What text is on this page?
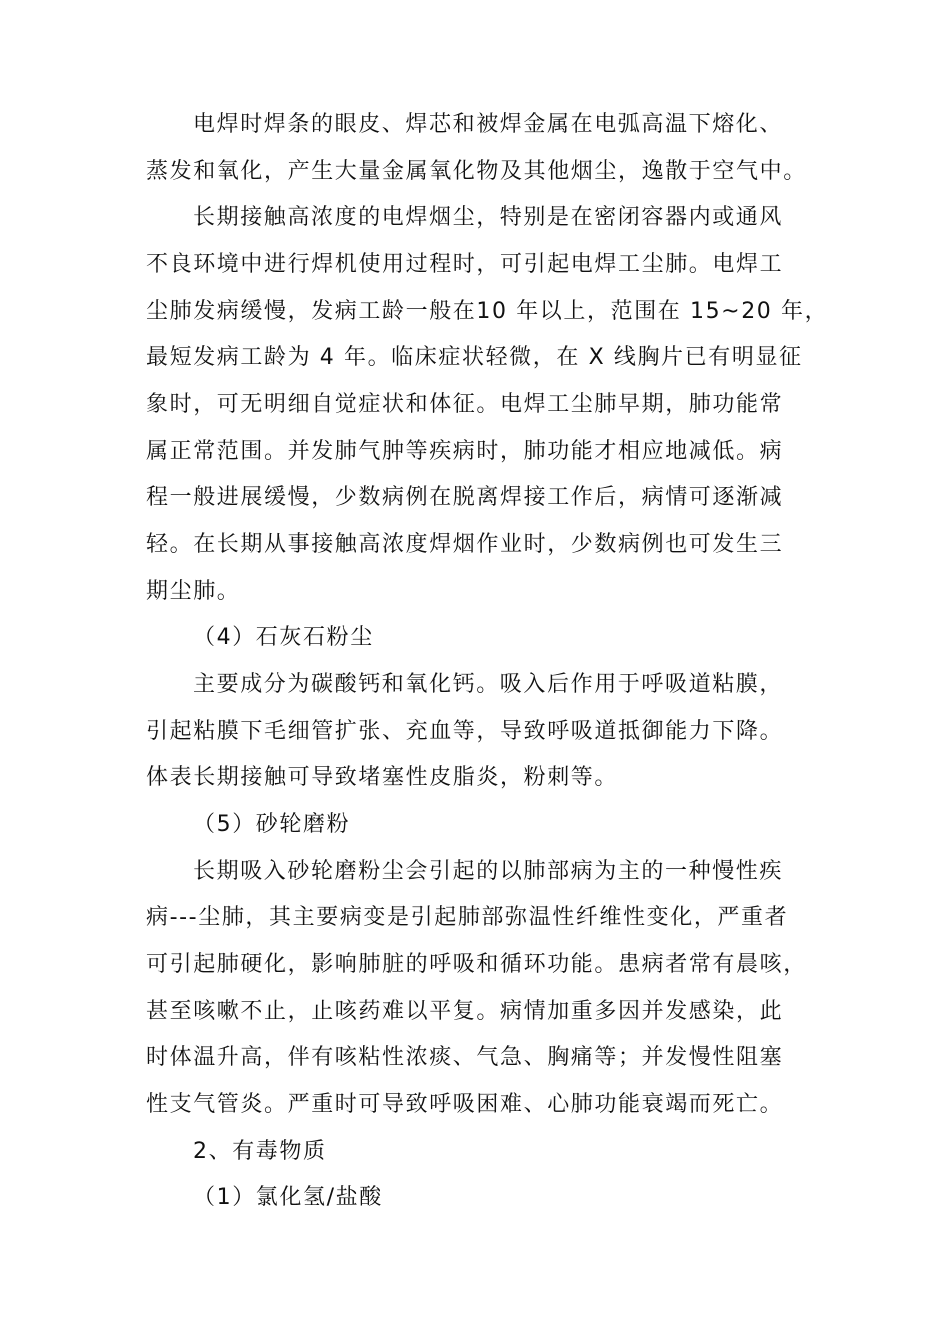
电焊时焊条的眼皮、焊芯和被焊金属在电弧高温下熔化、
蒸发和氧化，产生大量金属氧化物及其他烟尘，逸散于空气中。
长期接触高浓度的电焊烟尘，特别是在密闭容器内或通风
不良环境中进行焊机使用过程时，可引起电焊工尘肺。电焊工
尘肺发病缓慢，发病工龄一般在10 年以上，范围在 15~20 年，
最短发病工龄为 4 年。临床症状轻微，在 X 线胸片已有明显征
象时，可无明细自觉症状和体征。电焊工尘肺早期，肺功能常
属正常范围。并发肺气肿等疾病时，肺功能才相应地减低。病
程一般进展缓慢，少数病例在脱离焊接工作后，病情可逐渐减
轻。在长期从事接触高浓度焊烟作业时，少数病例也可发生三
期尘肺。
（4）石灰石粉尘
主要成分为碳酸钙和氧化钙。吸入后作用于呼吸道粘膜，
引起粘膜下毛细管扩张、充血等，导致呼吸道抵御能力下降。
体表长期接触可导致堵塞性皮脂炎，粉刺等。
（5）砂轮磨粉
长期吸入砂轮磨粉尘会引起的以肺部病为主的一种慢性疾
病---尘肺，其主要病变是引起肺部弥温性纤维性变化，严重者
可引起肺硬化，影响肺脏的呼吸和循环功能。患病者常有晨咳，
甚至咳嗽不止，止咳药难以平复。病情加重多因并发感染，此
时体温升高，伴有咳粘性浓痰、气急、胸痛等；并发慢性阻塞
性支气管炎。严重时可导致呼吸困难、心肺功能衰竭而死亡。
2、有毒物质
（1）氯化氢/盐酸
